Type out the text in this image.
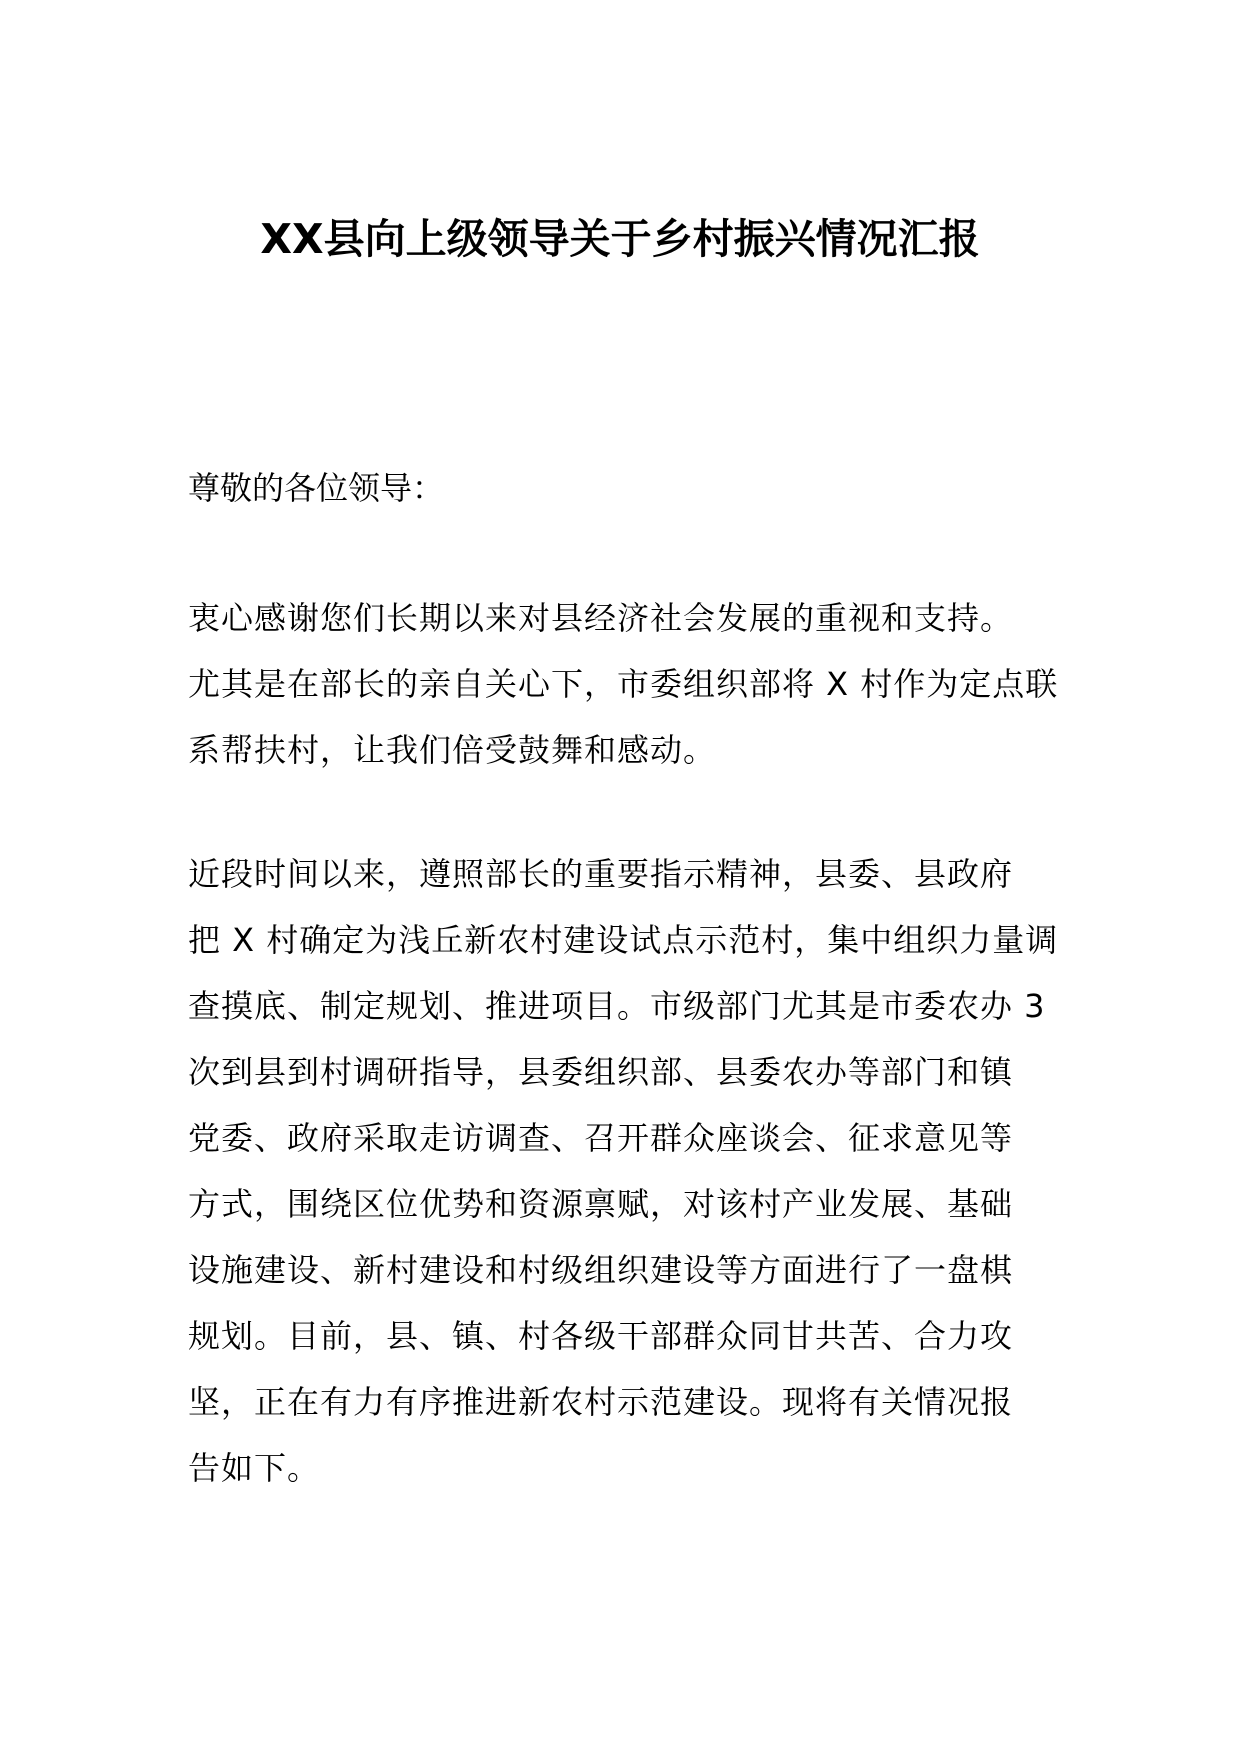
XX县向上级领导关于乡村振兴情况汇报
尊敬的各位领导：
衷心感谢您们长期以来对县经济社会发展的重视和支持。
尤其是在部长的亲自关心下，市委组织部将 X 村作为定点联
系帮扶村，让我们倍受鼓舞和感动。
近段时间以来，遵照部长的重要指示精神，县委、县政府
把 X 村确定为浅丘新农村建设试点示范村，集中组织力量调
查摸底、制定规划、推进项目。市级部门尤其是市委农办 3
次到县到村调研指导，县委组织部、县委农办等部门和镇
党委、政府采取走访调查、召开群众座谈会、征求意见等
方式，围绕区位优势和资源禀赋，对该村产业发展、基础
设施建设、新村建设和村级组织建设等方面进行了一盘棋
规划。目前，县、镇、村各级干部群众同甘共苦、合力攻
坚，正在有力有序推进新农村示范建设。现将有关情况报
告如下。
